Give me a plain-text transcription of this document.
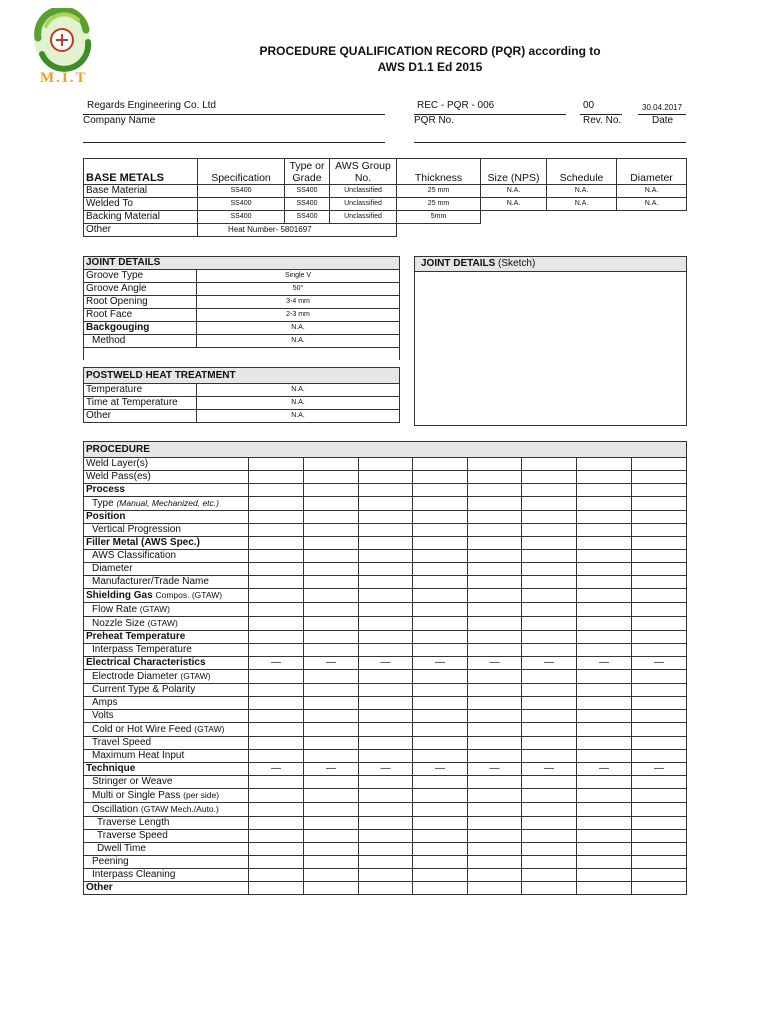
M.I.T
PROCEDURE QUALIFICATION RECORD (PQR) according to
AWS D1.1 Ed 2015
Regards Engineering Co. Ltd
Company Name
REC - PQR - 006
PQR No.
00
Rev. No.
30.04.2017
Date
BASE METALS	Specification	Type or Grade	AWS Group No.	Thickness	Size (NPS)	Schedule	Diameter
Base Material	SS400	SS400	Unclassified	25 mm	N.A.	N.A.	N.A.
Welded To	SS400	SS400	Unclassified	25 mm	N.A.	N.A.	N.A.
Backing Material	SS400	SS400	Unclassified	5mm			
Other	Heat Number- 5801697						
JOINT DETAILS	
Groove Type	Single V
Groove Angle	50°
Root Opening	3-4 mm
Root Face	2-3 mm
Backgouging	N.A.
Method	N.A.

JOINT DETAILS (Sketch)
POSTWELD HEAT TREATMENT	
Temperature	N.A.
Time at Temperature	N.A.
Other	N.A.
PROCEDURE								
Weld Layer(s)								
Weld Pass(es)								
Process								
Type (Manual, Mechanized, etc.)								
Position								
Vertical Progression								
Filler Metal (AWS Spec.)								
AWS Classification								
Diameter								
Manufacturer/Trade Name								
Shielding Gas Compos. (GTAW)								
Flow Rate (GTAW)								
Nozzle Size (GTAW)								
Preheat Temperature								
Interpass Temperature								
Electrical Characteristics	—	—	—	—	—	—	—	—
Electrode Diameter (GTAW)								
Current Type & Polarity								
Amps								
Volts								
Cold or Hot Wire Feed (GTAW)								
Travel Speed								
Maximum Heat Input								
Technique	—	—	—	—	—	—	—	—
Stringer or Weave								
Multi or Single Pass (per side)								
Oscillation (GTAW Mech./Auto.)								
Traverse Length								
Traverse Speed								
Dwell Time								
Peening								
Interpass Cleaning								
Other								
